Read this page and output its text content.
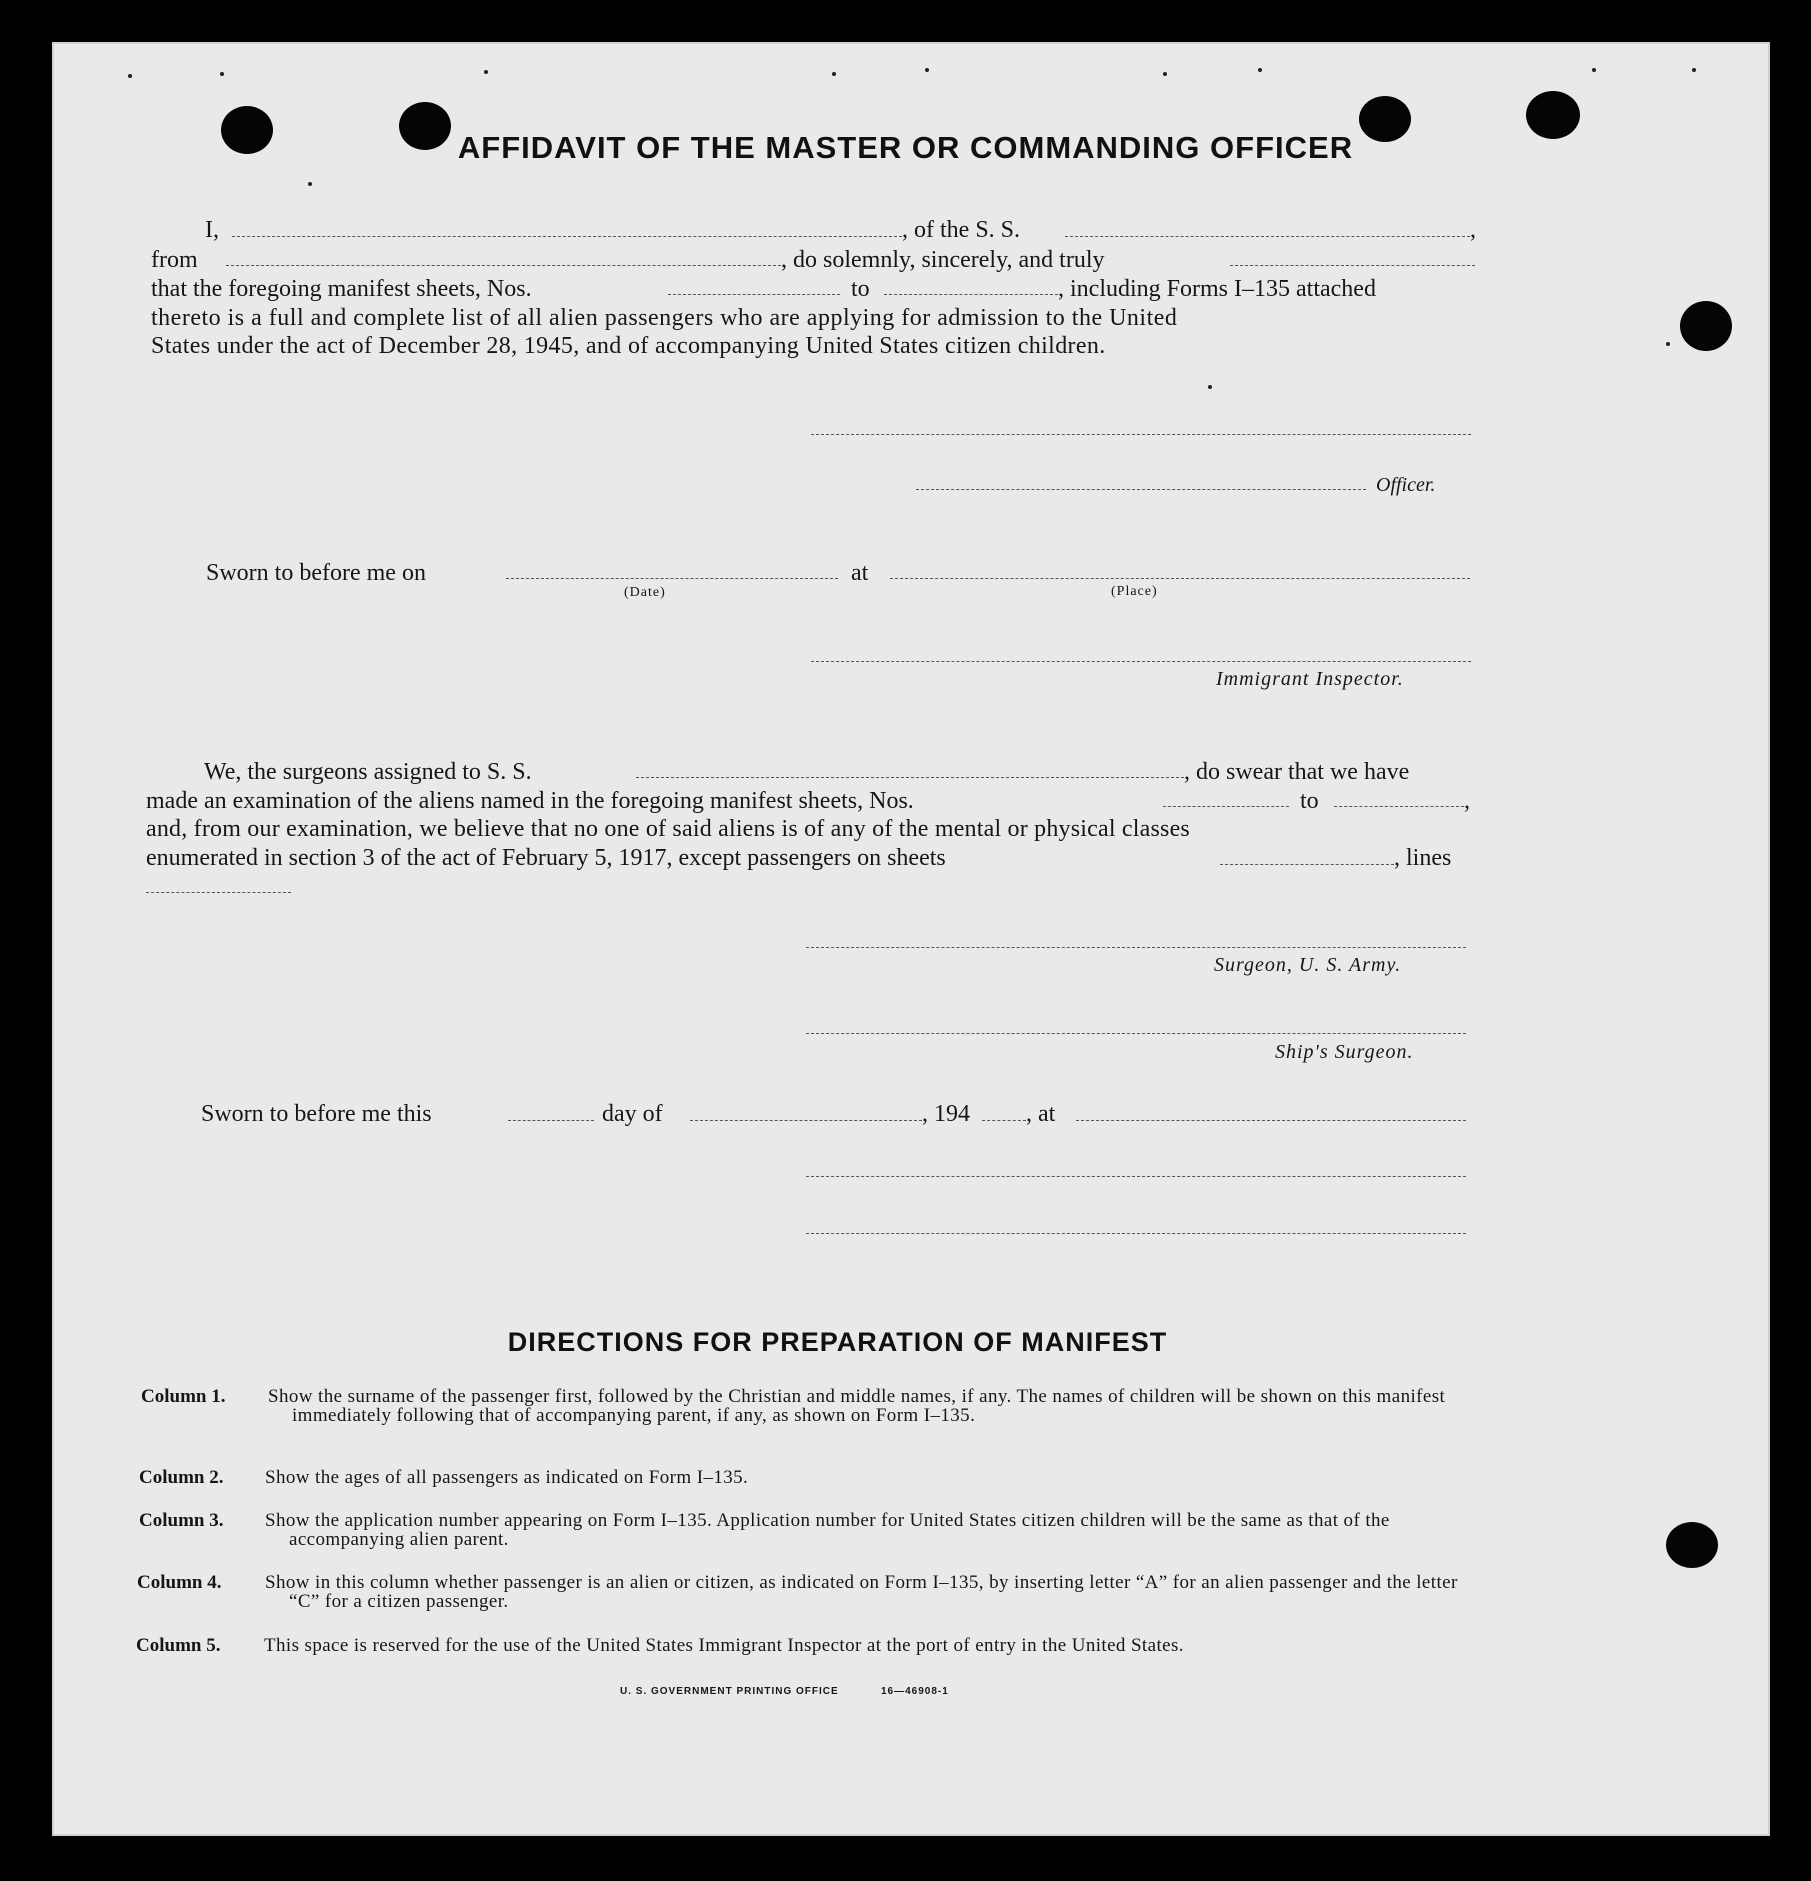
AFFIDAVIT OF THE MASTER OR COMMANDING OFFICER
I,	, of the S. S.	,
from	, do solemnly, sincerely, and truly
that the foregoing manifest sheets, Nos.	to	, including Forms I–135 attached
thereto is a full and complete list of all alien passengers who are applying for admission to the United
States under the act of December 28, 1945, and of accompanying United States citizen children.
Officer.
Sworn to before me on
(Date)
at
(Place)
Immigrant Inspector.
We, the surgeons assigned to S. S.	, do swear that we have
made an examination of the aliens named in the foregoing manifest sheets, Nos.	to	,
and, from our examination, we believe that no one of said aliens is of any of the mental or physical classes
enumerated in section 3 of the act of February 5, 1917, except passengers on sheets	, lines
Surgeon, U. S. Army.
Ship's Surgeon.
Sworn to before me this	day of	, 194 , at
DIRECTIONS FOR PREPARATION OF MANIFEST
Column 1. Show the surname of the passenger first, followed by the Christian and middle names, if any. The names of children will be shown on this manifest immediately following that of accompanying parent, if any, as shown on Form I–135.
Column 2. Show the ages of all passengers as indicated on Form I–135.
Column 3. Show the application number appearing on Form I–135. Application number for United States citizen children will be the same as that of the accompanying alien parent.
Column 4. Show in this column whether passenger is an alien or citizen, as indicated on Form I–135, by inserting letter “A” for an alien passenger and the letter “C” for a citizen passenger.
Column 5. This space is reserved for the use of the United States Immigrant Inspector at the port of entry in the United States.
U. S. GOVERNMENT PRINTING OFFICE	16—46908-1
